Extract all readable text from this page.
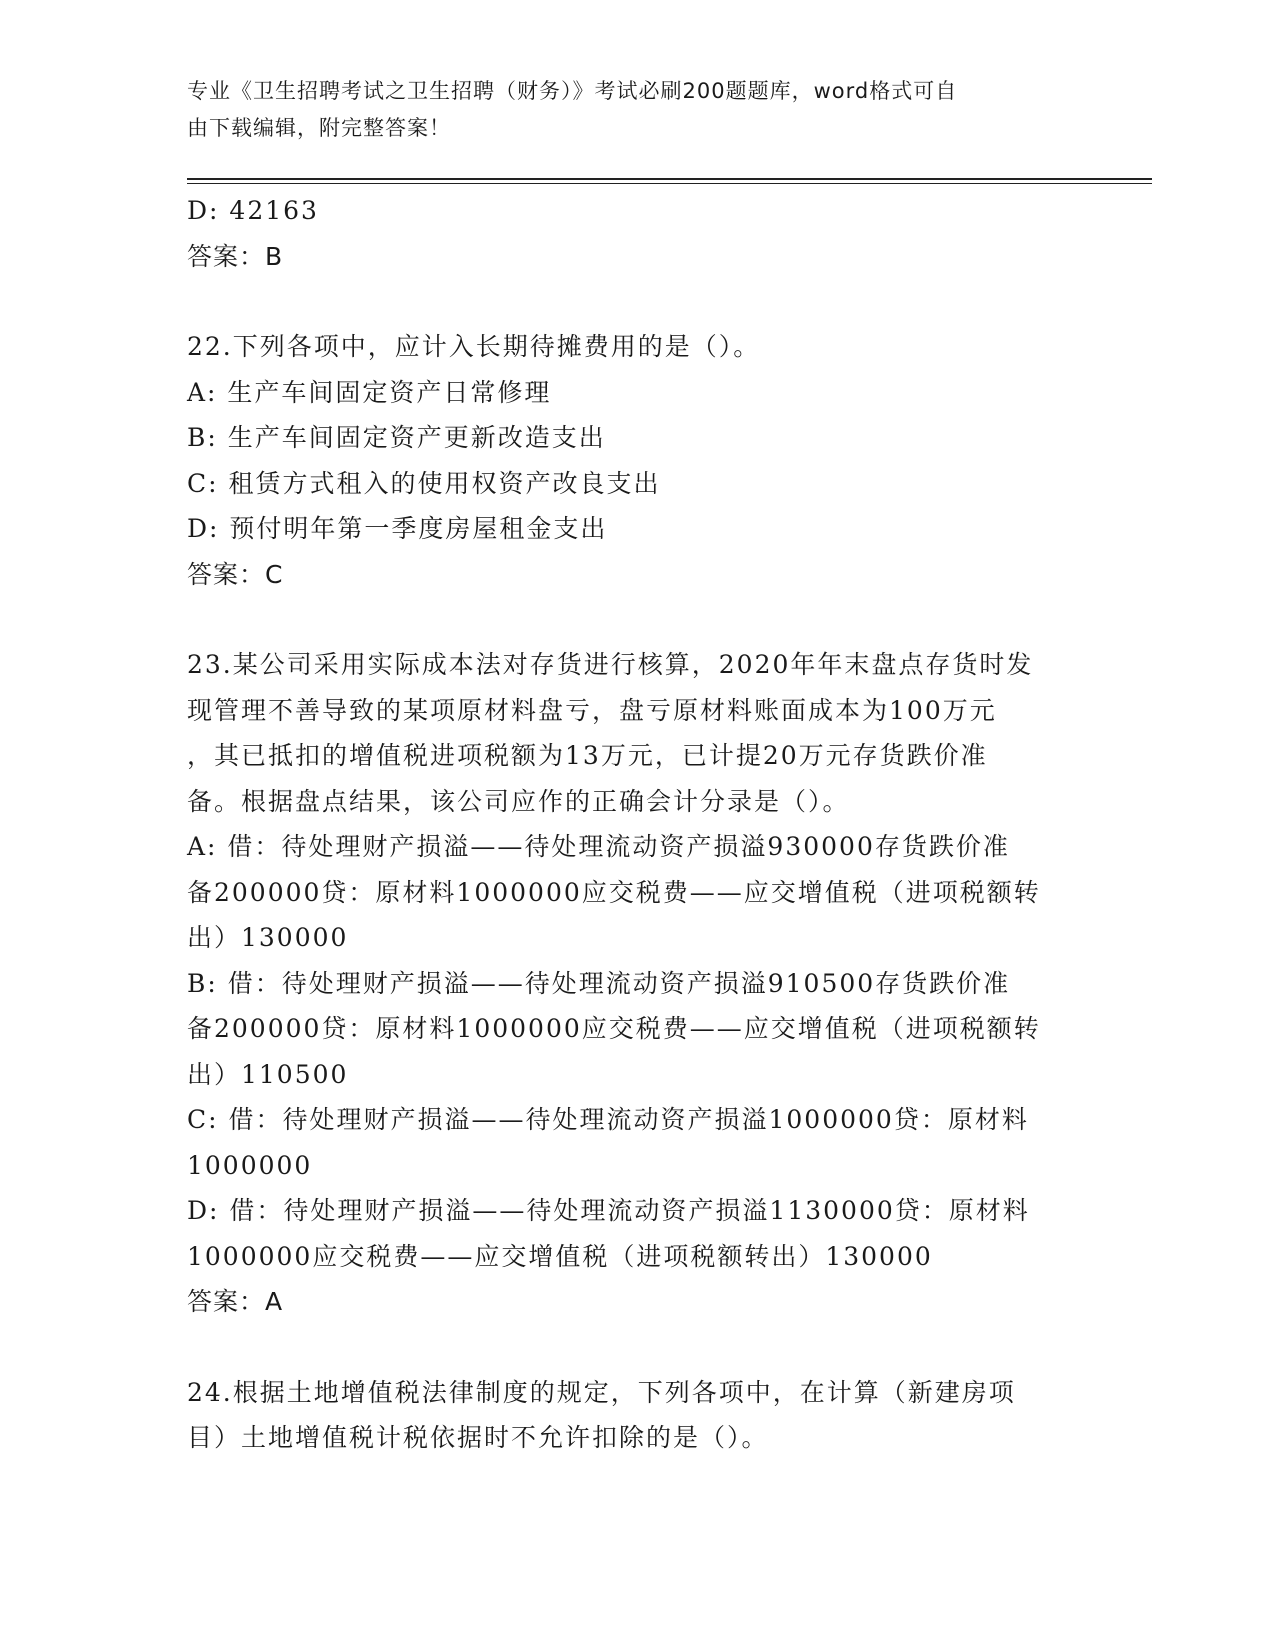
专业《卫生招聘考试之卫生招聘（财务）》考试必刷200题题库，word格式可自
由下载编辑，附完整答案！
D: 42163
答案：B
22.下列各项中，应计入长期待摊费用的是（）。
A: 生产车间固定资产日常修理
B: 生产车间固定资产更新改造支出
C: 租赁方式租入的使用权资产改良支出
D: 预付明年第一季度房屋租金支出
答案：C
23.某公司采用实际成本法对存货进行核算，2020年年末盘点存货时发
现管理不善导致的某项原材料盘亏，盘亏原材料账面成本为100万元
，其已抵扣的增值税进项税额为13万元，已计提20万元存货跌价准
备。根据盘点结果，该公司应作的正确会计分录是（）。
A: 借：待处理财产损溢——待处理流动资产损溢930000存货跌价准
备200000贷：原材料1000000应交税费——应交增值税（进项税额转
出）130000
B: 借：待处理财产损溢——待处理流动资产损溢910500存货跌价准
备200000贷：原材料1000000应交税费——应交增值税（进项税额转
出）110500
C: 借：待处理财产损溢——待处理流动资产损溢1000000贷：原材料
1000000
D: 借：待处理财产损溢——待处理流动资产损溢1130000贷：原材料
1000000应交税费——应交增值税（进项税额转出）130000
答案：A
24.根据土地增值税法律制度的规定，下列各项中，在计算（新建房项
目）土地增值税计税依据时不允许扣除的是（）。
